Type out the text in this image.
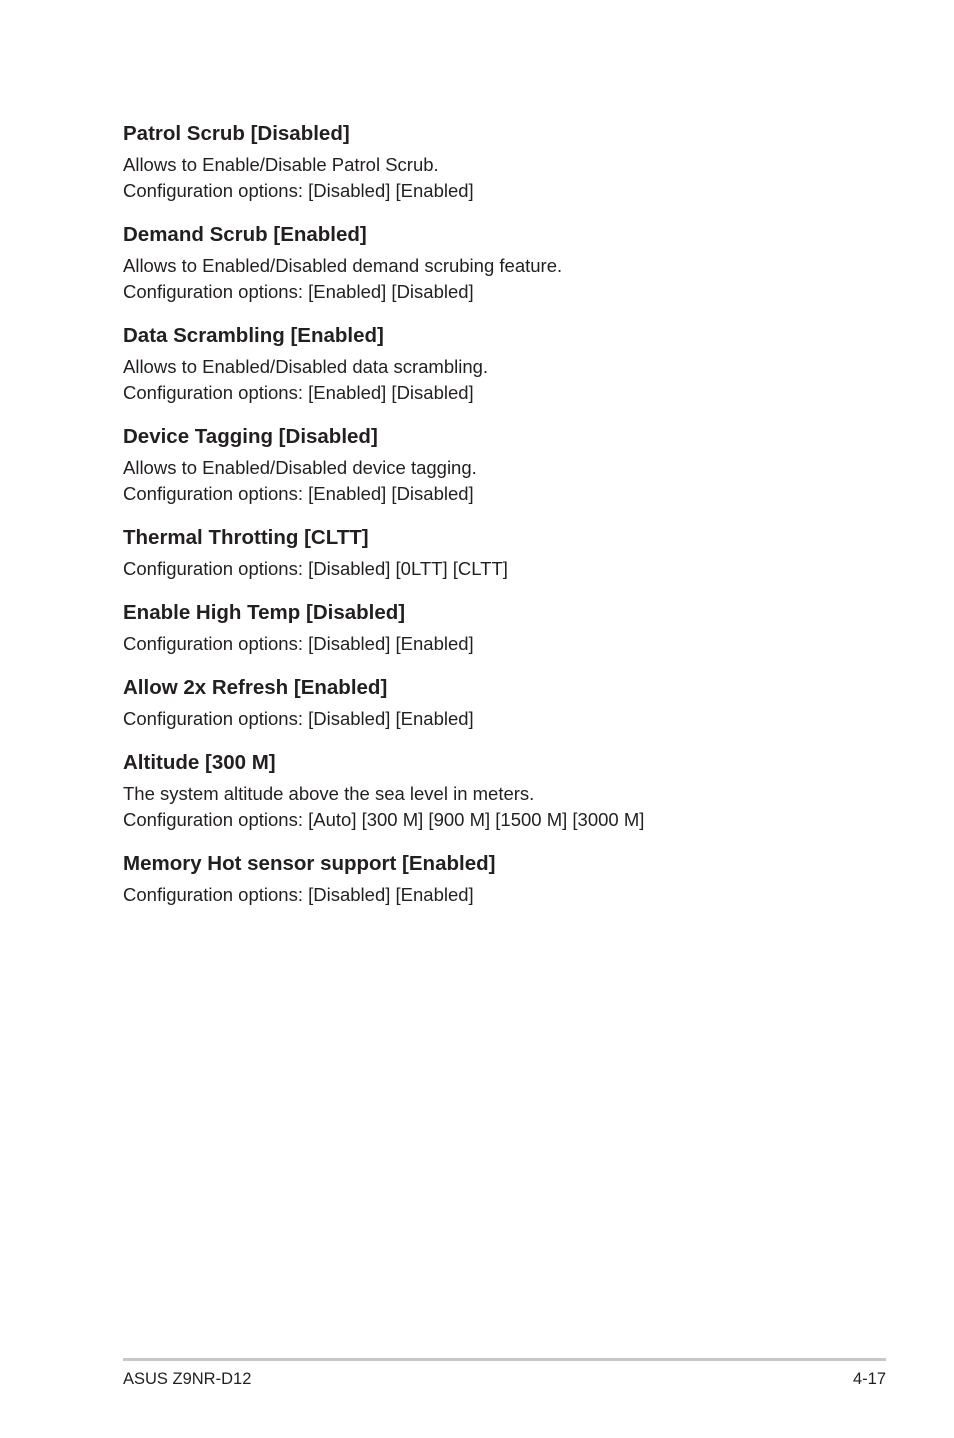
Patrol Scrub [Disabled]
Allows to Enable/Disable Patrol Scrub.
Configuration options: [Disabled] [Enabled]
Demand Scrub [Enabled]
Allows to Enabled/Disabled demand scrubing feature.
Configuration options: [Enabled] [Disabled]
Data Scrambling [Enabled]
Allows to Enabled/Disabled data scrambling.
Configuration options: [Enabled] [Disabled]
Device Tagging [Disabled]
Allows to Enabled/Disabled device tagging.
Configuration options: [Enabled] [Disabled]
Thermal Throtting [CLTT]
Configuration options: [Disabled] [0LTT] [CLTT]
Enable High Temp [Disabled]
Configuration options: [Disabled] [Enabled]
Allow 2x Refresh [Enabled]
Configuration options: [Disabled] [Enabled]
Altitude [300 M]
The system altitude above the sea level in meters.
Configuration options: [Auto] [300 M] [900 M] [1500 M] [3000 M]
Memory Hot sensor support [Enabled]
Configuration options: [Disabled] [Enabled]
ASUS Z9NR-D12	4-17
